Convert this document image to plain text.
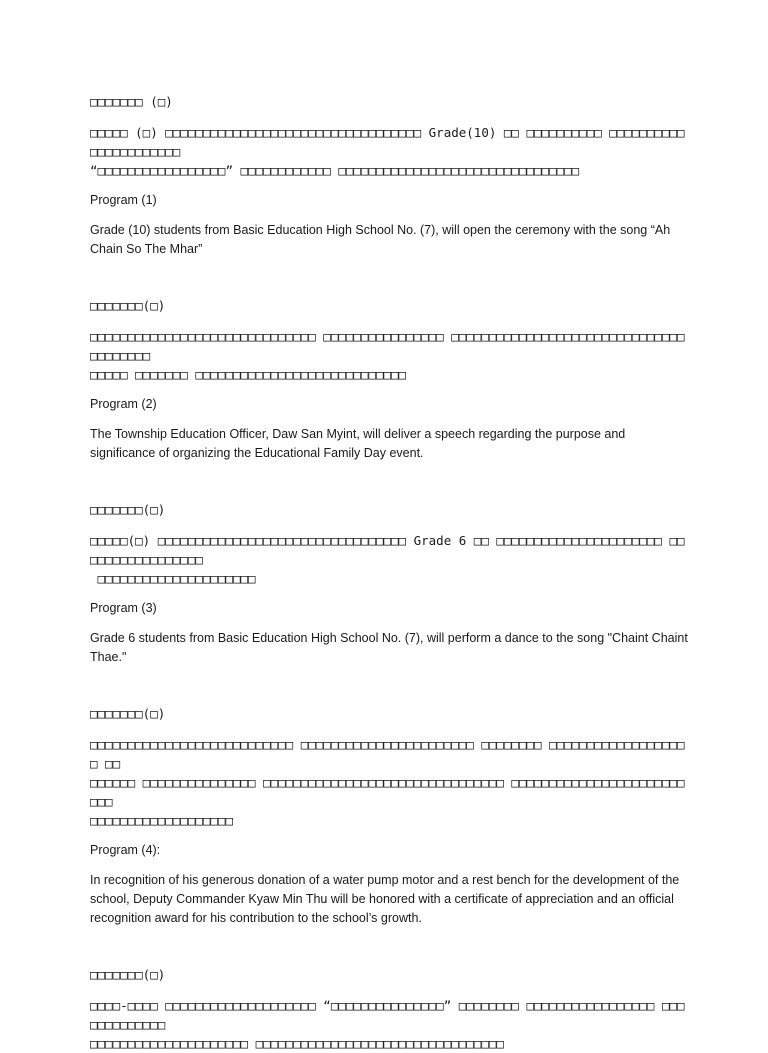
□□□□□□□ (□)

□□□□□ (□) □□□□□□□□□□□□□□□□□□□□□□□□□□□□□□□□□□ Grade(10) □□ □□□□□□□□□□ □□□□□□□□□□□□□□□□□□□□□□
“□□□□□□□□□□□□□□□□□” □□□□□□□□□□□□ □□□□□□□□□□□□□□□□□□□□□□□□□□□□□□□□

Program (1)

Grade (10) students from Basic Education High School No. (7), will open the ceremony with the song “Ah Chain So The Mhar”

□□□□□□□(□)

□□□□□□□□□□□□□□□□□□□□□□□□□□□□□□ □□□□□□□□□□□□□□□□ □□□□□□□□□□□□□□□□□□□□□□□□□□□□□□□□□□□□□□□
□□□□□ □□□□□□□ □□□□□□□□□□□□□□□□□□□□□□□□□□□□

Program (2)

The Township Education Officer, Daw San Myint, will deliver a speech regarding the purpose and significance of organizing the Educational Family Day event.

□□□□□□□(□)

□□□□□(□) □□□□□□□□□□□□□□□□□□□□□□□□□□□□□□□□□ Grade 6 □□ □□□□□□□□□□□□□□□□□□□□□□ □□□□□□□□□□□□□□□□□
□□□□□□□□□□□□□□□□□□□□□

Program (3)

Grade 6 students from Basic Education High School No. (7), will perform a dance to the song "Chaint Chaint Thae."

□□□□□□□(□)

□□□□□□□□□□□□□□□□□□□□□□□□□□□ □□□□□□□□□□□□□□□□□□□□□□□ □□□□□□□□ □□□□□□□□□□□□□□□□□□□ □□
□□□□□□ □□□□□□□□□□□□□□□ □□□□□□□□□□□□□□□□□□□□□□□□□□□□□□□□ □□□□□□□□□□□□□□□□□□□□□□□□□□
□□□□□□□□□□□□□□□□□□□

Program (4):

In recognition of his generous donation of a water pump motor and a rest bench for the development of the school, Deputy Commander Kyaw Min Thu will be honored with a certificate of appreciation and an official recognition award for his contribution to the school’s growth.

□□□□□□□(□)

□□□□-□□□□ □□□□□□□□□□□□□□□□□□□□ “□□□□□□□□□□□□□□□” □□□□□□□□ □□□□□□□□□□□□□□□□□ □□□□□□□□□□□□□
□□□□□□□□□□□□□□□□□□□□□ □□□□□□□□□□□□□□□□□□□□□□□□□□□□□□□□□
